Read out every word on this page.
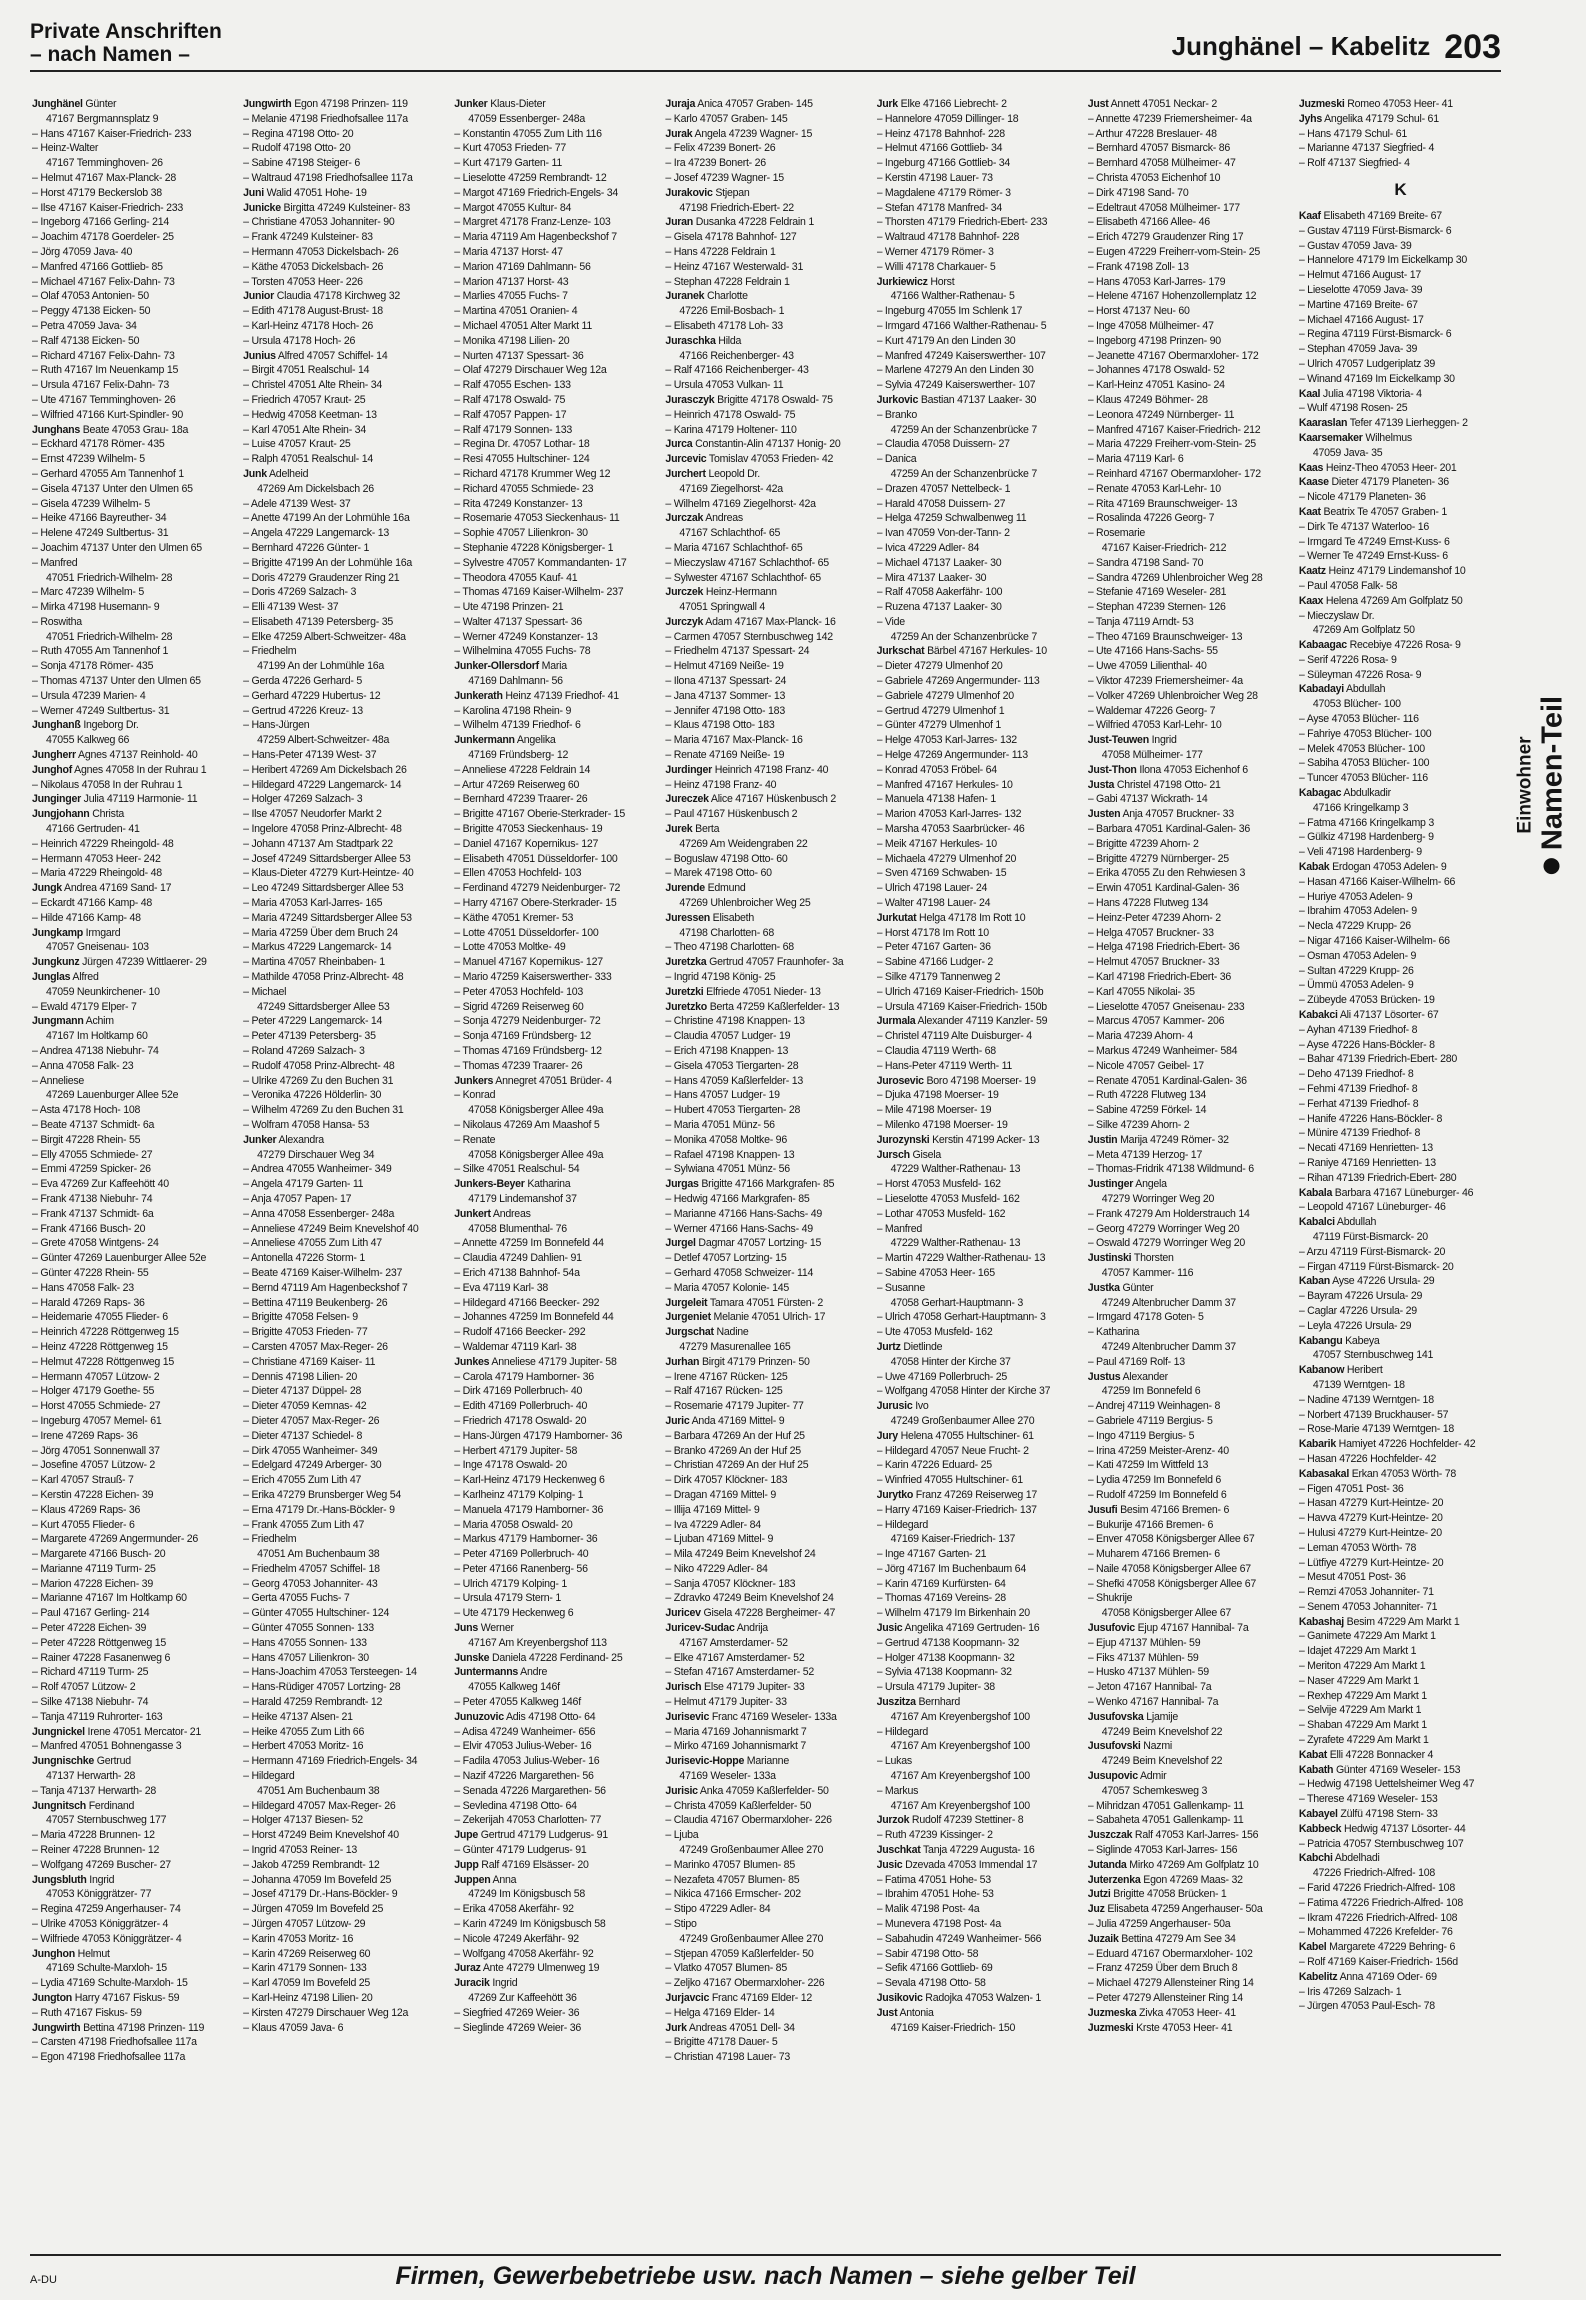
Private Anschriften
– nach Namen –	Junghänel – Kabelitz 203
Junghänel Günter
47167 Bergmannsplatz 9
– Hans 47167 Kaiser-Friedrich- 233
– Heinz-Walter
47167 Temminghoven- 26
– Helmut 47167 Max-Planck- 28
– Horst 47179 Beckerslob 38
– Ilse 47167 Kaiser-Friedrich- 233
– Ingeborg 47166 Gerling- 214
– Joachim 47178 Goerdeler- 25
– Jörg 47059 Java- 40
– Manfred 47166 Gottlieb- 85
– Michael 47167 Felix-Dahn- 73
– Olaf 47053 Antonien- 50
– Peggy 47138 Eicken- 50
– Petra 47059 Java- 34
– Ralf 47138 Eicken- 50
– Richard 47167 Felix-Dahn- 73
– Ruth 47167 Im Neuenkamp 15
– Ursula 47167 Felix-Dahn- 73
– Ute 47167 Temminghoven- 26
– Wilfried 47166 Kurt-Spindler- 90
Junghans Beate 47053 Grau- 18a
– Eckhard 47178 Römer- 435
– Ernst 47239 Wilhelm- 5
– Gerhard 47055 Am Tannenhof 1
– Gisela 47137 Unter den Ulmen 65
– Gisela 47239 Wilhelm- 5
– Heike 47166 Bayreuther- 34
– Helene 47249 Sultbertus- 31
– Joachim 47137 Unter den Ulmen 65
– Manfred
47051 Friedrich-Wilhelm- 28
– Marc 47239 Wilhelm- 5
– Mirka 47198 Husemann- 9
– Roswitha
47051 Friedrich-Wilhelm- 28
– Ruth 47055 Am Tannenhof 1
– Sonja 47178 Römer- 435
– Thomas 47137 Unter den Ulmen 65
– Ursula 47239 Marien- 4
– Werner 47249 Sultbertus- 31
Junghanß Ingeborg Dr.
47055 Kalkweg 66
Jungherr Agnes 47137 Reinhold- 40
Junghof Agnes 47058 In der Ruhrau 1
– Nikolaus 47058 In der Ruhrau 1
Junginger Julia 47119 Harmonie- 11
Jungjohann Christa
47166 Gertruden- 41
– Heinrich 47229 Rheingold- 48
– Hermann 47053 Heer- 242
– Maria 47229 Rheingold- 48
Jungk Andrea 47169 Sand- 17
– Eckardt 47166 Kamp- 48
– Hilde 47166 Kamp- 48
Jungkamp Irmgard
47057 Gneisenau- 103
Jungkunz Jürgen 47239 Wittlaerer- 29
Junglas Alfred
47059 Neunkirchener- 10
– Ewald 47179 Elper- 7
Jungmann Achim
47167 Im Holtkamp 60
– Andrea 47138 Niebuhr- 74
– Anna 47058 Falk- 23
– Anneliese
47269 Lauenburger Allee 52e
– Asta 47178 Hoch- 108
– Beate 47137 Schmidt- 6a
– Birgit 47228 Rhein- 55
– Elly 47055 Schmiede- 27
– Emmi 47259 Spicker- 26
– Eva 47269 Zur Kaffeehött 40
– Frank 47138 Niebuhr- 74
– Frank 47137 Schmidt- 6a
– Frank 47166 Busch- 20
– Grete 47058 Wintgens- 24
– Günter 47269 Lauenburger Allee 52e
– Günter 47228 Rhein- 55
– Hans 47058 Falk- 23
– Harald 47269 Raps- 36
– Heidemarie 47055 Flieder- 6
– Heinrich 47228 Röttgenweg 15
– Heinz 47228 Röttgenweg 15
– Helmut 47228 Röttgenweg 15
– Hermann 47057 Lützow- 2
– Holger 47179 Goethe- 55
– Horst 47055 Schmiede- 27
– Ingeburg 47057 Memel- 61
– Irene 47269 Raps- 36
– Jörg 47051 Sonnenwall 37
– Josefine 47057 Lützow- 2
– Karl 47057 Strauß- 7
– Kerstin 47228 Eichen- 39
– Klaus 47269 Raps- 36
– Kurt 47055 Flieder- 6
– Margarete 47269 Angermunder- 26
– Margarete 47166 Busch- 20
– Marianne 47119 Turm- 25
– Marion 47228 Eichen- 39
– Marianne 47167 Im Holtkamp 60
– Paul 47167 Gerling- 214
– Peter 47228 Eichen- 39
– Peter 47228 Röttgenweg 15
– Rainer 47228 Fasanenweg 6
– Richard 47119 Turm- 25
– Rolf 47057 Lützow- 2
– Silke 47138 Niebuhr- 74
– Tanja 47119 Ruhrorter- 163
Jungnickel Irene 47051 Mercator- 21
– Manfred 47051 Bohnengasse 3
Jungnischke Gertrud
47137 Herwarth- 28
– Tanja 47137 Herwarth- 28
Jungnitsch Ferdinand
47057 Sternbuschweg 177
– Maria 47228 Brunnen- 12
– Reiner 47228 Brunnen- 12
– Wolfgang 47269 Buscher- 27
Jungsbluth Ingrid
47053 Königgrätzer- 77
– Regina 47259 Angerhauser- 74
– Ulrike 47053 Königgrätzer- 4
– Wilfriede 47053 Königgrätzer- 4
Junghon Helmut
47169 Schulte-Marxloh- 15
– Lydia 47169 Schulte-Marxloh- 15
Jungton Harry 47167 Fiskus- 59
– Ruth 47167 Fiskus- 59
Jungwirth Bettina 47198 Prinzen- 119
– Carsten 47198 Friedhofsallee 117a
– Egon 47198 Friedhofsallee 117a
Jungwirth Egon 47198 Prinzen- 119
– Melanie 47198 Friedhofsallee 117a
– Regina 47198 Otto- 20
– Rudolf 47198 Otto- 20
– Sabine 47198 Steiger- 6
– Waltraud 47198 Friedhofsallee 117a
Juni Walid 47051 Hohe- 19
Junicke Birgitta 47249 Kulsteiner- 83
– Christiane 47053 Johanniter- 90
– Frank 47249 Kulsteiner- 83
– Hermann 47053 Dickelsbach- 26
– Käthe 47053 Dickelsbach- 26
– Torsten 47053 Heer- 226
Junior Claudia 47178 Kirchweg 32
– Edith 47178 August-Brust- 18
– Karl-Heinz 47178 Hoch- 26
– Ursula 47178 Hoch- 26
Junius Alfred 47057 Schiffel- 14
– Birgit 47051 Realschul- 14
– Christel 47051 Alte Rhein- 34
– Friedrich 47057 Kraut- 25
– Hedwig 47058 Keetman- 13
– Karl 47051 Alte Rhein- 34
– Luise 47057 Kraut- 25
– Ralph 47051 Realschul- 14
Junk Adelheid
47269 Am Dickelsbach 26
– Adele 47139 West- 37
– Anette 47199 An der Lohmühle 16a
– Angela 47229 Langemarck- 13
– Bernhard 47226 Günter- 1
– Brigitte 47199 An der Lohmühle 16a
– Doris 47279 Graudenzer Ring 21
– Doris 47269 Salzach- 3
– Elli 47139 West- 37
– Elisabeth 47139 Petersberg- 35
– Elke 47259 Albert-Schweitzer- 48a
– Friedhelm
47199 An der Lohmühle 16a
– Gerda 47226 Gerhard- 5
– Gerhard 47229 Hubertus- 12
– Gertrud 47226 Kreuz- 13
– Hans-Jürgen
47259 Albert-Schweitzer- 48a
– Hans-Peter 47139 West- 37
– Heribert 47269 Am Dickelsbach 26
– Hildegard 47229 Langemarck- 14
– Holger 47269 Salzach- 3
– Ilse 47057 Neudorfer Markt 2
– Ingelore 47058 Prinz-Albrecht- 48
– Johann 47137 Am Stadtpark 22
– Josef 47249 Sittardsberger Allee 53
– Klaus-Dieter 47279 Kurt-Heintze- 40
– Leo 47249 Sittardsberger Allee 53
– Maria 47053 Karl-Jarres- 165
– Maria 47249 Sittardsberger Allee 53
– Maria 47259 Über dem Bruch 24
– Markus 47229 Langemarck- 14
– Martina 47057 Rheinbaben- 1
– Mathilde 47058 Prinz-Albrecht- 48
– Michael
47249 Sittardsberger Allee 53
– Peter 47229 Langemarck- 14
– Peter 47139 Petersberg- 35
– Roland 47269 Salzach- 3
– Rudolf 47058 Prinz-Albrecht- 48
– Ulrike 47269 Zu den Buchen 31
– Veronika 47226 Hölderlin- 30
– Wilhelm 47269 Zu den Buchen 31
– Wolfram 47058 Hansa- 53
Junker Alexandra
47279 Dirschauer Weg 34
– Andrea 47055 Wanheimer- 349
– Angela 47179 Garten- 11
– Anja 47057 Papen- 17
– Anna 47058 Essenberger- 248a
– Anneliese 47249 Beim Knevelshof 40
– Anneliese 47055 Zum Lith 47
– Antonella 47226 Storm- 1
– Beate 47169 Kaiser-Wilhelm- 237
– Bernd 47119 Am Hagenbeckshof 7
– Bettina 47119 Beukenberg- 26
– Brigitte 47058 Felsen- 9
– Brigitte 47053 Frieden- 77
– Carsten 47057 Max-Reger- 26
– Christiane 47169 Kaiser- 11
– Dennis 47198 Lilien- 20
– Dieter 47137 Düppel- 28
– Dieter 47059 Kemnas- 42
– Dieter 47057 Max-Reger- 26
– Dieter 47137 Schiedel- 8
– Dirk 47055 Wanheimer- 349
– Edelgard 47249 Arberger- 30
– Erich 47055 Zum Lith 47
– Erika 47279 Brunsberger Weg 54
– Erna 47179 Dr.-Hans-Böckler- 9
– Frank 47055 Zum Lith 47
– Friedhelm
47051 Am Buchenbaum 38
– Friedhelm 47057 Schiffel- 18
– Georg 47053 Johanniter- 43
– Gerta 47055 Fuchs- 7
– Günter 47055 Hultschiner- 124
– Günter 47055 Sonnen- 133
– Hans 47055 Sonnen- 133
– Hans 47057 Lilienkron- 30
– Hans-Joachim 47053 Tersteegen- 14
– Hans-Rüdiger 47057 Lortzing- 28
– Harald 47259 Rembrandt- 12
– Heike 47137 Alsen- 21
– Heike 47055 Zum Lith 66
– Herbert 47053 Moritz- 16
– Hermann 47169 Friedrich-Engels- 34
– Hildegard
47051 Am Buchenbaum 38
– Hildegard 47057 Max-Reger- 26
– Holger 47137 Biesen- 52
– Horst 47249 Beim Knevelshof 40
– Ingrid 47053 Reiner- 13
– Jakob 47259 Rembrandt- 12
– Johanna 47059 Im Bovefeld 25
– Josef 47179 Dr.-Hans-Böckler- 9
– Jürgen 47059 Im Bovefeld 25
– Jürgen 47057 Lützow- 29
– Karin 47053 Moritz- 16
– Karin 47269 Reiserweg 60
– Karin 47179 Sonnen- 133
– Karl 47059 Im Bovefeld 25
– Karl-Heinz 47198 Lilien- 20
– Kirsten 47279 Dirschauer Weg 12a
– Klaus 47059 Java- 6
Junker Klaus-Dieter
47059 Essenberger- 248a
– Konstantin 47055 Zum Lith 116
– Kurt 47053 Frieden- 77
– Kurt 47179 Garten- 11
– Lieselotte 47259 Rembrandt- 12
– Margot 47169 Friedrich-Engels- 34
– Margot 47055 Kultur- 84
– Margret 47178 Franz-Lenze- 103
– Maria 47119 Am Hagenbeckshof 7
– Maria 47137 Horst- 47
– Marion 47169 Dahlmann- 56
– Marion 47137 Horst- 43
– Marlies 47055 Fuchs- 7
– Martina 47051 Oranien- 4
– Michael 47051 Alter Markt 11
– Monika 47198 Lilien- 20
– Nurten 47137 Spessart- 36
– Olaf 47279 Dirschauer Weg 12a
– Ralf 47055 Eschen- 133
– Ralf 47178 Oswald- 75
– Ralf 47057 Pappen- 17
– Ralf 47179 Sonnen- 133
– Regina Dr. 47057 Lothar- 18
– Resi 47055 Hultschiner- 124
– Richard 47178 Krummer Weg 12
– Richard 47055 Schmiede- 23
– Rita 47249 Konstanzer- 13
– Rosemarie 47053 Sieckenhaus- 11
– Sophie 47057 Lilienkron- 30
– Stephanie 47228 Königsberger- 1
– Sylvestre 47057 Kommandanten- 17
– Theodora 47055 Kauf- 41
– Thomas 47169 Kaiser-Wilhelm- 237
– Ute 47198 Prinzen- 21
– Walter 47137 Spessart- 36
– Werner 47249 Konstanzer- 13
– Wilhelmina 47055 Fuchs- 78
Junker-Ollersdorf Maria
47169 Dahlmann- 56
Junkerath Heinz 47139 Friedhof- 41
– Karolina 47198 Rhein- 9
– Wilhelm 47139 Friedhof- 6
Junkermann Angelika
47169 Fründsberg- 12
– Anneliese 47228 Feldrain 14
– Artur 47269 Reiserweg 60
– Bernhard 47239 Traarer- 26
– Brigitte 47167 Oberie-Sterkrader- 15
– Brigitte 47053 Sieckenhaus- 19
– Daniel 47167 Kopernikus- 127
– Elisabeth 47051 Düsseldorfer- 100
– Ellen 47053 Hochfeld- 103
– Ferdinand 47279 Neidenburger- 72
– Harry 47167 Obere-Sterkrader- 15
– Käthe 47051 Kremer- 53
– Lotte 47051 Düsseldorfer- 100
– Lotte 47053 Moltke- 49
– Manuel 47167 Kopernikus- 127
– Mario 47259 Kaiserswerther- 333
– Peter 47053 Hochfeld- 103
– Sigrid 47269 Reiserweg 60
– Sonja 47279 Neidenburger- 72
– Sonja 47169 Fründsberg- 12
– Thomas 47169 Fründsberg- 12
– Thomas 47239 Traarer- 26
Junkers Annegret 47051 Brüder- 4
– Konrad
47058 Königsberger Allee 49a
– Nikolaus 47269 Am Maashof 5
– Renate
47058 Königsberger Allee 49a
– Silke 47051 Realschul- 54
Junkers-Beyer Katharina
47179 Lindemanshof 37
Junkert Andreas
47058 Blumenthal- 76
– Annette 47259 Im Bonnefeld 44
– Claudia 47249 Dahlien- 91
– Erich 47138 Bahnhof- 54a
– Eva 47119 Karl- 38
– Hildegard 47166 Beecker- 292
– Johannes 47259 Im Bonnefeld 44
– Rudolf 47166 Beecker- 292
– Waldemar 47119 Karl- 38
Junkes Anneliese 47179 Jupiter- 58
– Carola 47179 Hamborner- 36
– Dirk 47169 Pollerbruch- 40
– Edith 47169 Pollerbruch- 40
– Friedrich 47178 Oswald- 20
– Hans-Jürgen 47179 Hamborner- 36
– Herbert 47179 Jupiter- 58
– Inge 47178 Oswald- 20
– Karl-Heinz 47179 Heckenweg 6
– Karlheinz 47179 Kolping- 1
– Manuela 47179 Hamborner- 36
– Maria 47058 Oswald- 20
– Markus 47179 Hamborner- 36
– Peter 47169 Pollerbruch- 40
– Peter 47166 Ranenberg- 56
– Ulrich 47179 Kolping- 1
– Ursula 47179 Stern- 1
– Ute 47179 Heckenweg 6
Juns Werner
47167 Am Kreyenbergshof 113
Junske Daniela 47228 Ferdinand- 25
Juntermanns Andre
47055 Kalkweg 146f
– Peter 47055 Kalkweg 146f
Junuzovic Adis 47198 Otto- 64
– Adisa 47249 Wanheimer- 656
– Elvir 47053 Julius-Weber- 16
– Fadila 47053 Julius-Weber- 16
– Nazif 47226 Margarethen- 56
– Senada 47226 Margarethen- 56
– Sevledina 47198 Otto- 64
– Zekerijah 47053 Charlotten- 77
Jupe Gertrud 47179 Ludgerus- 91
– Günter 47179 Ludgerus- 91
Jupp Ralf 47169 Elsässer- 20
Juppen Anna
47249 Im Königsbusch 58
– Erika 47058 Akerfähr- 92
– Karin 47249 Im Königsbusch 58
– Nicole 47249 Akerfähr- 92
– Wolfgang 47058 Akerfähr- 92
Juraz Ante 47279 Ulmenweg 19
Juracik Ingrid
47269 Zur Kaffeehött 36
– Siegfried 47269 Weier- 36
– Sieglinde 47269 Weier- 36
Juraja Anica 47057 Graben- 145
– Karlo 47057 Graben- 145
Jurak Angela 47239 Wagner- 15
– Felix 47239 Bonert- 26
– Ira 47239 Bonert- 26
– Josef 47239 Wagner- 15
Jurakovic Stjepan
47198 Friedrich-Ebert- 22
Juran Dusanka 47228 Feldrain 1
– Gisela 47178 Bahnhof- 127
– Hans 47228 Feldrain 1
– Heinz 47167 Westerwald- 31
– Stephan 47228 Feldrain 1
Juranek Charlotte
47226 Emil-Bosbach- 1
– Elisabeth 47178 Loh- 33
Juraschka Hilda
47166 Reichenberger- 43
– Ralf 47166 Reichenberger- 43
– Ursula 47053 Vulkan- 11
Jurasczyk Brigitte 47178 Oswald- 75
– Heinrich 47178 Oswald- 75
– Karina 47179 Holtener- 110
Jurca Constantin-Alin 47137 Honig- 20
Jurcevic Tomislav 47053 Frieden- 42
Jurchert Leopold Dr.
47169 Ziegelhorst- 42a
– Wilhelm 47169 Ziegelhorst- 42a
Jurczak Andreas
47167 Schlachthof- 65
– Maria 47167 Schlachthof- 65
– Mieczyslaw 47167 Schlachthof- 65
– Sylwester 47167 Schlachthof- 65
Jurczek Heinz-Hermann
47051 Springwall 4
Jurczyk Adam 47167 Max-Planck- 16
– Carmen 47057 Sternbuschweg 142
– Friedhelm 47137 Spessart- 24
– Helmut 47169 Neiße- 19
– Ilona 47137 Spessart- 24
– Jana 47137 Sommer- 13
– Jennifer 47198 Otto- 183
– Klaus 47198 Otto- 183
– Maria 47167 Max-Planck- 16
– Renate 47169 Neiße- 19
Jurdinger Heinrich 47198 Franz- 40
– Heinz 47198 Franz- 40
Jureczek Alice 47167 Hüskenbusch 2
– Paul 47167 Hüskenbusch 2
Jurek Berta
47269 Am Weidengraben 22
– Boguslaw 47198 Otto- 60
– Marek 47198 Otto- 60
Jurende Edmund
47269 Uhlenbroicher Weg 25
Juressen Elisabeth
47198 Charlotten- 68
– Theo 47198 Charlotten- 68
Juretzka Gertrud 47057 Fraunhofer- 3a
– Ingrid 47198 König- 25
Juretzki Elfriede 47051 Nieder- 13
Juretzko Berta 47259 Kaßlerfelder- 13
– Christine 47198 Knappen- 13
– Claudia 47057 Ludger- 19
– Erich 47198 Knappen- 13
– Gisela 47053 Tiergarten- 28
– Hans 47059 Kaßlerfelder- 13
– Hans 47057 Ludger- 19
– Hubert 47053 Tiergarten- 28
– Maria 47051 Münz- 56
– Monika 47058 Moltke- 96
– Rafael 47198 Knappen- 13
– Sylwiana 47051 Münz- 56
Jurgas Brigitte 47166 Markgrafen- 85
– Hedwig 47166 Markgrafen- 85
– Marianne 47166 Hans-Sachs- 49
– Werner 47166 Hans-Sachs- 49
Jurgel Dagmar 47057 Lortzing- 15
– Detlef 47057 Lortzing- 15
– Gerhard 47058 Schweizer- 114
– Maria 47057 Kolonie- 145
Jurgeleit Tamara 47051 Fürsten- 2
Jurgeniet Melanie 47051 Ulrich- 17
Jurgschat Nadine
47279 Masurenallee 165
Jurhan Birgit 47179 Prinzen- 50
– Irene 47167 Rücken- 125
– Ralf 47167 Rücken- 125
– Rosemarie 47179 Jupiter- 77
Juric Anda 47169 Mittel- 9
– Barbara 47269 An der Huf 25
– Branko 47269 An der Huf 25
– Christian 47269 An der Huf 25
– Dirk 47057 Klöckner- 183
– Dragan 47169 Mittel- 9
– Illija 47169 Mittel- 9
– Iva 47229 Adler- 84
– Ljuban 47169 Mittel- 9
– Mila 47249 Beim Knevelshof 24
– Niko 47229 Adler- 84
– Sanja 47057 Klöckner- 183
– Zdravko 47249 Beim Knevelshof 24
Juricev Gisela 47228 Bergheimer- 47
Juricev-Sudac Andrija
47167 Amsterdamer- 52
– Elke 47167 Amsterdamer- 52
– Stefan 47167 Amsterdamer- 52
Jurisch Else 47179 Jupiter- 33
– Helmut 47179 Jupiter- 33
Jurisevic Franc 47169 Weseler- 133a
– Maria 47169 Johannismarkt 7
– Mirko 47169 Johannismarkt 7
Jurisevic-Hoppe Marianne
47169 Weseler- 133a
Jurisic Anka 47059 Kaßlerfelder- 50
– Christa 47059 Kaßlerfelder- 50
– Claudia 47167 Obermarxloher- 226
– Ljuba
47249 Großenbaumer Allee 270
– Marinko 47057 Blumen- 85
– Nezafeta 47057 Blumen- 85
– Nikica 47166 Ermscher- 202
– Stipo 47229 Adler- 84
– Stipo
47249 Großenbaumer Allee 270
– Stjepan 47059 Kaßlerfelder- 50
– Vlatko 47057 Blumen- 85
– Zeljko 47167 Obermarxloher- 226
Jurjavcic Franc 47169 Elder- 12
– Helga 47169 Elder- 14
Jurk Andreas 47051 Dell- 34
– Brigitte 47178 Dauer- 5
– Christian 47198 Lauer- 73
Jurk Elke 47166 Liebrecht- 2
– Hannelore 47059 Dillinger- 18
– Heinz 47178 Bahnhof- 228
– Helmut 47166 Gottlieb- 34
– Ingeburg 47166 Gottlieb- 34
– Kerstin 47198 Lauer- 73
– Magdalene 47179 Römer- 3
– Stefan 47178 Manfred- 34
– Thorsten 47179 Friedrich-Ebert- 233
– Waltraud 47178 Bahnhof- 228
– Werner 47179 Römer- 3
– Willi 47178 Charkauer- 5
Jurkiewicz Horst
47166 Walther-Rathenau- 5
– Ingeburg 47055 Im Schlenk 17
– Irmgard 47166 Walther-Rathenau- 5
– Kurt 47179 An den Linden 30
– Manfred 47249 Kaiserswerther- 107
– Marlene 47279 An den Linden 30
– Sylvia 47249 Kaiserswerther- 107
Jurkovic Bastian 47137 Laaker- 30
– Branko
47259 An der Schanzenbrücke 7
– Claudia 47058 Duissern- 27
– Danica
47259 An der Schanzenbrücke 7
– Drazen 47057 Nettelbeck- 1
– Harald 47058 Duissern- 27
– Helga 47259 Schwalbenweg 11
– Ivan 47059 Von-der-Tann- 2
– Ivica 47229 Adler- 84
– Michael 47137 Laaker- 30
– Mira 47137 Laaker- 30
– Ralf 47058 Aakerfähr- 100
– Ruzena 47137 Laaker- 30
– Vide
47259 An der Schanzenbrücke 7
Jurkschat Bärbel 47167 Herkules- 10
– Dieter 47279 Ulmenhof 20
– Gabriele 47269 Angermunder- 113
– Gabriele 47279 Ulmenhof 20
– Gertrud 47279 Ulmenhof 1
– Günter 47279 Ulmenhof 1
– Helge 47053 Karl-Jarres- 132
– Helge 47269 Angermunder- 113
– Konrad 47053 Fröbel- 64
– Manfred 47167 Herkules- 10
– Manuela 47138 Hafen- 1
– Marion 47053 Karl-Jarres- 132
– Marsha 47053 Saarbrücker- 46
– Meik 47167 Herkules- 10
– Michaela 47279 Ulmenhof 20
– Sven 47169 Schwaben- 15
– Ulrich 47198 Lauer- 24
– Walter 47198 Lauer- 24
Jurkutat Helga 47178 Im Rott 10
– Horst 47178 Im Rott 10
– Peter 47167 Garten- 36
– Sabine 47166 Ludger- 2
– Silke 47179 Tannenweg 2
– Ulrich 47169 Kaiser-Friedrich- 150b
– Ursula 47169 Kaiser-Friedrich- 150b
Jurmala Alexander 47119 Kanzler- 59
– Christel 47119 Alte Duisburger- 4
– Claudia 47119 Werth- 68
– Hans-Peter 47119 Werth- 11
Jurosevic Boro 47198 Moerser- 19
– Djuka 47198 Moerser- 19
– Mile 47198 Moerser- 19
– Milenko 47198 Moerser- 19
Jurozynski Kerstin 47199 Acker- 13
Jursch Gisela
47229 Walther-Rathenau- 13
– Horst 47053 Musfeld- 162
– Lieselotte 47053 Musfeld- 162
– Lothar 47053 Musfeld- 162
– Manfred
47229 Walther-Rathenau- 13
– Martin 47229 Walther-Rathenau- 13
– Sabine 47053 Heer- 165
– Susanne
47058 Gerhart-Hauptmann- 3
– Ulrich 47058 Gerhart-Hauptmann- 3
– Ute 47053 Musfeld- 162
Jurtz Dietlinde
47058 Hinter der Kirche 37
– Uwe 47169 Pollerbruch- 25
– Wolfgang 47058 Hinter der Kirche 37
Jurusic Ivo
47249 Großenbaumer Allee 270
Jury Helena 47055 Hultschiner- 61
– Hildegard 47057 Neue Frucht- 2
– Karin 47226 Eduard- 25
– Winfried 47055 Hultschiner- 61
Jurytko Franz 47269 Reiserweg 17
– Harry 47169 Kaiser-Friedrich- 137
– Hildegard
47169 Kaiser-Friedrich- 137
– Inge 47167 Garten- 21
– Jörg 47167 Im Buchenbaum 64
– Karin 47169 Kurfürsten- 64
– Thomas 47169 Vereins- 28
– Wilhelm 47179 Im Birkenhain 20
Jusic Angelika 47169 Gertruden- 16
– Gertrud 47138 Koopmann- 32
– Holger 47138 Koopmann- 32
– Sylvia 47138 Koopmann- 32
– Ursula 47179 Jupiter- 38
Juszitza Bernhard
47167 Am Kreyenbergshof 100
– Hildegard
47167 Am Kreyenbergshof 100
– Lukas
47167 Am Kreyenbergshof 100
– Markus
47167 Am Kreyenbergshof 100
Jurzok Rudolf 47239 Stettiner- 8
– Ruth 47239 Kissinger- 2
Juschkat Tanja 47229 Augusta- 16
Jusic Dzevada 47053 Immendal 17
– Fatima 47051 Hohe- 53
– Ibrahim 47051 Hohe- 53
– Malik 47198 Post- 4a
– Munevera 47198 Post- 4a
– Sabahudin 47249 Wanheimer- 566
– Sabir 47198 Otto- 58
– Sefik 47166 Gottlieb- 69
– Sevala 47198 Otto- 58
Jusikovic Radojka 47053 Walzen- 1
Just Antonia
47169 Kaiser-Friedrich- 150
Just Annett 47051 Neckar- 2
– Annette 47239 Friemersheimer- 4a
– Arthur 47228 Breslauer- 48
– Bernhard 47057 Bismarck- 86
– Bernhard 47058 Mülheimer- 47
– Christa 47053 Eichenhof 10
– Dirk 47198 Sand- 70
– Edeltraut 47058 Mülheimer- 177
– Elisabeth 47166 Allee- 46
– Erich 47279 Graudenzer Ring 17
– Eugen 47229 Freiherr-vom-Stein- 25
– Frank 47198 Zoll- 13
– Hans 47053 Karl-Jarres- 179
– Helene 47167 Hohenzollernplatz 12
– Horst 47137 Neu- 60
– Inge 47058 Mülheimer- 47
– Ingeborg 47198 Prinzen- 90
– Jeanette 47167 Obermarxloher- 172
– Johannes 47178 Oswald- 52
– Karl-Heinz 47051 Kasino- 24
– Klaus 47249 Böhmer- 28
– Leonora 47249 Nürnberger- 11
– Manfred 47167 Kaiser-Friedrich- 212
– Maria 47229 Freiherr-vom-Stein- 25
– Maria 47119 Karl- 6
– Reinhard 47167 Obermarxloher- 172
– Renate 47053 Karl-Lehr- 10
– Rita 47169 Braunschweiger- 13
– Rosalinda 47226 Georg- 7
– Rosemarie
47167 Kaiser-Friedrich- 212
– Sandra 47198 Sand- 70
– Sandra 47269 Uhlenbroicher Weg 28
– Stefanie 47169 Weseler- 281
– Stephan 47239 Sternen- 126
– Tanja 47119 Arndt- 53
– Theo 47169 Braunschweiger- 13
– Ute 47166 Hans-Sachs- 55
– Uwe 47059 Lilienthal- 40
– Viktor 47239 Friemersheimer- 4a
– Volker 47269 Uhlenbroicher Weg 28
– Waldemar 47226 Georg- 7
– Wilfried 47053 Karl-Lehr- 10
Just-Teuwen Ingrid
47058 Mülheimer- 177
Just-Thon Ilona 47053 Eichenhof 6
Justa Christel 47198 Otto- 21
– Gabi 47137 Wickrath- 14
Justen Anja 47057 Bruckner- 33
– Barbara 47051 Kardinal-Galen- 36
– Brigitte 47239 Ahorn- 2
– Brigitte 47279 Nürnberger- 25
– Erika 47055 Zu den Rehwiesen 3
– Erwin 47051 Kardinal-Galen- 36
– Hans 47228 Flutweg 134
– Heinz-Peter 47239 Ahorn- 2
– Helga 47057 Bruckner- 33
– Helga 47198 Friedrich-Ebert- 36
– Helmut 47057 Bruckner- 33
– Karl 47198 Friedrich-Ebert- 36
– Karl 47055 Nikolai- 35
– Lieselotte 47057 Gneisenau- 233
– Marcus 47057 Kammer- 206
– Maria 47239 Ahorn- 4
– Markus 47249 Wanheimer- 584
– Nicole 47057 Geibel- 17
– Renate 47051 Kardinal-Galen- 36
– Ruth 47228 Flutweg 134
– Sabine 47259 Förkel- 14
– Silke 47239 Ahorn- 2
Justin Marija 47249 Römer- 32
– Meta 47139 Herzog- 17
– Thomas-Fridrik 47138 Wildmund- 6
Justinger Angela
47279 Worringer Weg 20
– Frank 47279 Am Holderstrauch 14
– Georg 47279 Worringer Weg 20
– Oswald 47279 Worringer Weg 20
Justinski Thorsten
47057 Kammer- 116
Justka Günter
47249 Altenbrucher Damm 37
– Irmgard 47178 Goten- 5
– Katharina
47249 Altenbrucher Damm 37
– Paul 47169 Rolf- 13
Justus Alexander
47259 Im Bonnefeld 6
– Andrej 47119 Weinhagen- 8
– Gabriele 47119 Bergius- 5
– Ingo 47119 Bergius- 5
– Irina 47259 Meister-Arenz- 40
– Kati 47259 Im Wittfeld 13
– Lydia 47259 Im Bonnefeld 6
– Rudolf 47259 Im Bonnefeld 6
Jusufi Besim 47166 Bremen- 6
– Bukurije 47166 Bremen- 6
– Enver 47058 Königsberger Allee 67
– Muharem 47166 Bremen- 6
– Naile 47058 Königsberger Allee 67
– Shefki 47058 Königsberger Allee 67
– Shukrije
47058 Königsberger Allee 67
Jusufovic Ejup 47167 Hannibal- 7a
– Ejup 47137 Mühlen- 59
– Fiks 47137 Mühlen- 59
– Husko 47137 Mühlen- 59
– Jeton 47167 Hannibal- 7a
– Wenko 47167 Hannibal- 7a
Jusufovska Ljamije
47249 Beim Knevelshof 22
Jusufovski Nazmi
47249 Beim Knevelshof 22
Jusupovic Admir
47057 Schemkesweg 3
– Mihridzan 47051 Gallenkamp- 11
– Sabaheta 47051 Gallenkamp- 11
Juszczak Ralf 47053 Karl-Jarres- 156
– Siglinde 47053 Karl-Jarres- 156
Jutanda Mirko 47269 Am Golfplatz 10
Juterzenka Egon 47269 Maas- 32
Jutzi Brigitte 47058 Brücken- 1
Juz Elisabeta 47259 Angerhauser- 50a
– Julia 47259 Angerhauser- 50a
Juzaik Bettina 47279 Am See 34
– Eduard 47167 Obermarxloher- 102
– Franz 47259 Über dem Bruch 8
– Michael 47279 Allensteiner Ring 14
– Peter 47279 Allensteiner Ring 14
Juzmeska Zivka 47053 Heer- 41
Juzmeski Krste 47053 Heer- 41
Juzmeski Romeo 47053 Heer- 41
Jyhs Angelika 47179 Schul- 61
– Hans 47179 Schul- 61
– Marianne 47137 Siegfried- 4
– Rolf 47137 Siegfried- 4
K
Kaaf Elisabeth 47169 Breite- 67
– Gustav 47119 Fürst-Bismarck- 6
– Gustav 47059 Java- 39
– Hannelore 47179 Im Eickelkamp 30
– Helmut 47166 August- 17
– Lieselotte 47059 Java- 39
– Martine 47169 Breite- 67
– Michael 47166 August- 17
– Regina 47119 Fürst-Bismarck- 6
– Stephan 47059 Java- 39
– Ulrich 47057 Ludgeriplatz 39
– Winand 47169 Im Eickelkamp 30
Kaal Julia 47198 Viktoria- 4
– Wulf 47198 Rosen- 25
Kaaraslan Tefer 47139 Lierheggen- 2
Kaarsemaker Wilhelmus
47059 Java- 35
Kaas Heinz-Theo 47053 Heer- 201
Kaase Dieter 47179 Planeten- 36
– Nicole 47179 Planeten- 36
Kaat Beatrix Te 47057 Graben- 1
– Dirk Te 47137 Waterloo- 16
– Irmgard Te 47249 Ernst-Kuss- 6
– Werner Te 47249 Ernst-Kuss- 6
Kaatz Heinz 47179 Lindemanshof 10
– Paul 47058 Falk- 58
Kaax Helena 47269 Am Golfplatz 50
– Mieczyslaw Dr.
47269 Am Golfplatz 50
Kabaagac Recebiye 47226 Rosa- 9
– Serif 47226 Rosa- 9
– Süleyman 47226 Rosa- 9
Kabadayi Abdullah
47053 Blücher- 100
– Ayse 47053 Blücher- 116
– Fahriye 47053 Blücher- 100
– Melek 47053 Blücher- 100
– Sabiha 47053 Blücher- 100
– Tuncer 47053 Blücher- 116
Kabagac Abdulkadir
47166 Kringelkamp 3
– Fatma 47166 Kringelkamp 3
– Gülkiz 47198 Hardenberg- 9
– Veli 47198 Hardenberg- 9
Kabak Erdogan 47053 Adelen- 9
– Hasan 47166 Kaiser-Wilhelm- 66
– Huriye 47053 Adelen- 9
– Ibrahim 47053 Adelen- 9
– Necla 47229 Krupp- 26
– Nigar 47166 Kaiser-Wilhelm- 66
– Osman 47053 Adelen- 9
– Sultan 47229 Krupp- 26
– Ümmü 47053 Adelen- 9
– Zübeyde 47053 Brücken- 19
Kabakci Ali 47137 Lösorter- 67
– Ayhan 47139 Friedhof- 8
– Ayse 47226 Hans-Böckler- 8
– Bahar 47139 Friedrich-Ebert- 280
– Deho 47139 Friedhof- 8
– Fehmi 47139 Friedhof- 8
– Ferhat 47139 Friedhof- 8
– Hanife 47226 Hans-Böckler- 8
– Münire 47139 Friedhof- 8
– Necati 47169 Henrietten- 13
– Raniye 47169 Henrietten- 13
– Rihan 47139 Friedrich-Ebert- 280
Kabala Barbara 47167 Lüneburger- 46
– Leopold 47167 Lüneburger- 46
Kabalci Abdullah
47119 Fürst-Bismarck- 20
– Arzu 47119 Fürst-Bismarck- 20
– Firgan 47119 Fürst-Bismarck- 20
Kaban Ayse 47226 Ursula- 29
– Bayram 47226 Ursula- 29
– Caglar 47226 Ursula- 29
– Leyla 47226 Ursula- 29
Kabangu Kabeya
47057 Sternbuschweg 141
Kabanow Heribert
47139 Werntgen- 18
– Nadine 47139 Werntgen- 18
– Norbert 47139 Bruckhauser- 57
– Rose-Marie 47139 Werntgen- 18
Kabarik Hamiyet 47226 Hochfelder- 42
– Hasan 47226 Hochfelder- 42
Kabasakal Erkan 47053 Wörth- 78
– Figen 47051 Post- 36
– Hasan 47279 Kurt-Heintze- 20
– Havva 47279 Kurt-Heintze- 20
– Hulusi 47279 Kurt-Heintze- 20
– Leman 47053 Wörth- 78
– Lütfiye 47279 Kurt-Heintze- 20
– Mesut 47051 Post- 36
– Remzi 47053 Johanniter- 71
– Senem 47053 Johanniter- 71
Kabashaj Besim 47229 Am Markt 1
– Ganimete 47229 Am Markt 1
– Idajet 47229 Am Markt 1
– Meriton 47229 Am Markt 1
– Naser 47229 Am Markt 1
– Rexhep 47229 Am Markt 1
– Selvije 47229 Am Markt 1
– Shaban 47229 Am Markt 1
– Zyrafete 47229 Am Markt 1
Kabat Elli 47228 Bonnacker 4
Kabath Günter 47169 Weseler- 153
– Hedwig 47198 Uettelsheimer Weg 47
– Therese 47169 Weseler- 153
Kabayel Zülfü 47198 Stern- 33
Kabbeck Hedwig 47137 Lösorter- 44
– Patricia 47057 Sternbuschweg 107
Kabchi Abdelhadi
47226 Friedrich-Alfred- 108
– Farid 47226 Friedrich-Alfred- 108
– Fatima 47226 Friedrich-Alfred- 108
– Ikram 47226 Friedrich-Alfred- 108
– Mohammed 47226 Krefelder- 76
Kabel Margarete 47229 Behring- 6
– Rolf 47169 Kaiser-Friedrich- 156d
Kabelitz Anna 47169 Oder- 69
– Iris 47269 Salzach- 1
– Jürgen 47053 Paul-Esch- 78
Einwohner Namen-Teil
A-DU	Firmen, Gewerbebetriebe usw. nach Namen – siehe gelber Teil
